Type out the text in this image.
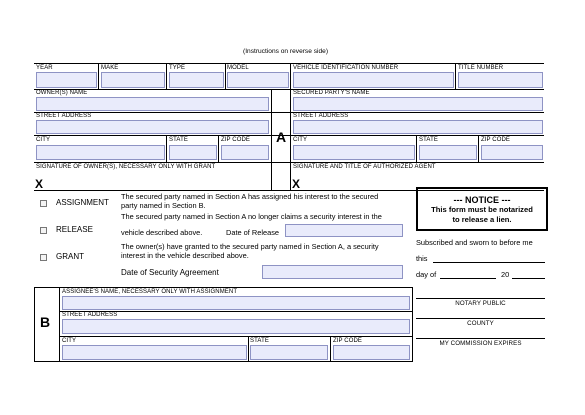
(Instructions on reverse side)
YEAR	MAKE	TYPE	MODEL	VEHICLE IDENTIFICATION NUMBER	TITLE NUMBER
A
OWNER(S) NAME	SECURED PARTY'S NAME
STREET ADDRESS	STREET ADDRESS
CITY	STATE	ZIP CODE	CITY	STATE	ZIP CODE
SIGNATURE OF OWNER(S), NECESSARY ONLY WITH GRANT
X
SIGNATURE AND TITLE OF AUTHORIZED AGENT
X
ASSIGNMENT
The secured party named in Section A has assigned his interest to the secured
party named in Section B.
The secured party named in Section A no longer claims a security interest in the
RELEASE	vehicle described above.	Date of Release
The owner(s) have granted to the secured party named in Section A, a security
GRANT	interest in the vehicle described above.
Date of Security Agreement
--- NOTICE ---
This form must be notarized
to release a lien.
Subscribed and sworn to before me
this
day of	20
NOTARY PUBLIC
COUNTY
MY COMMISSION EXPIRES
B
ASSIGNEE'S NAME, NECESSARY ONLY WITH ASSIGNMENT
STREET ADDRESS
CITY	STATE	ZIP CODE
